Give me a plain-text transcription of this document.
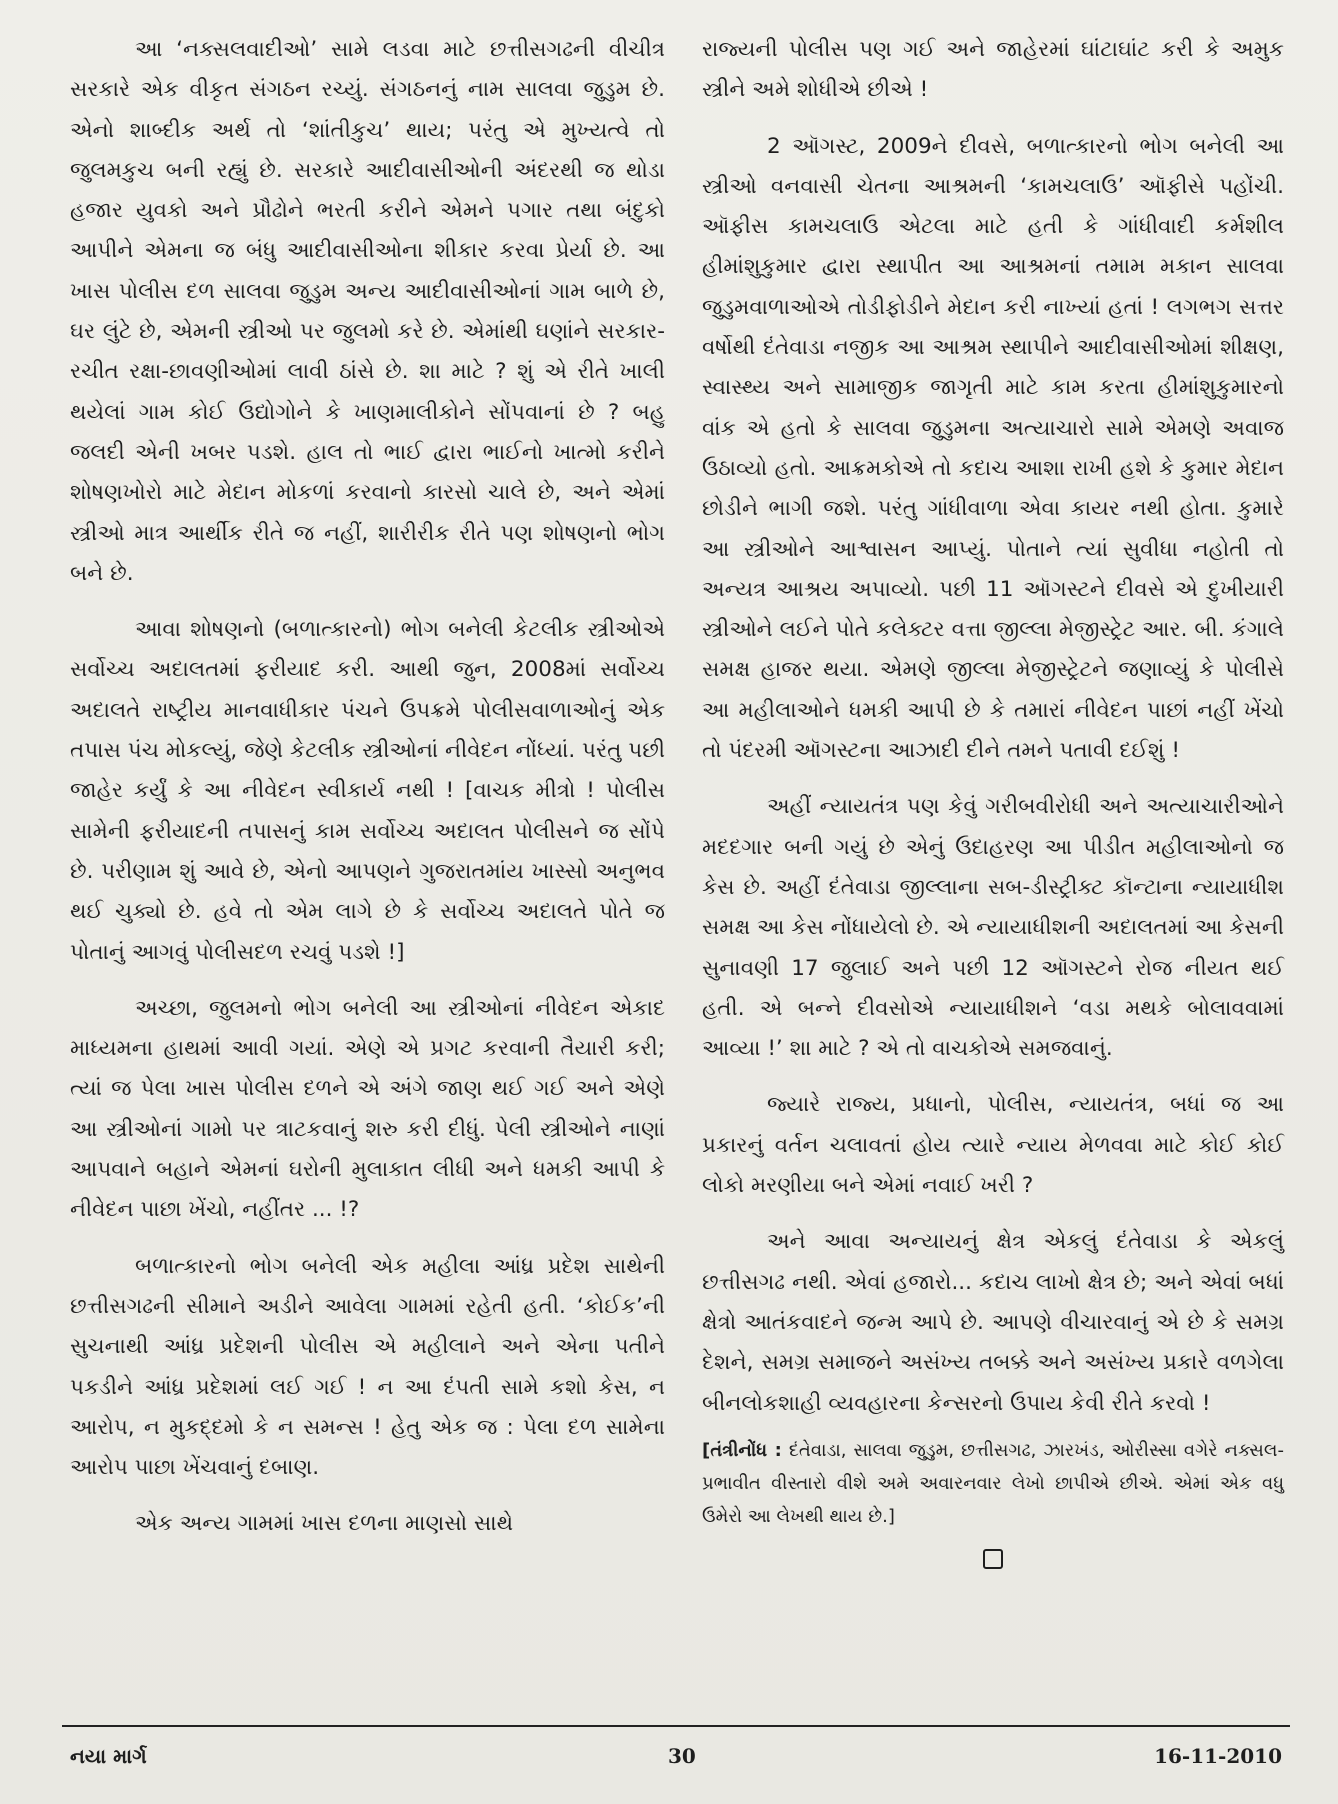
આ ‘નક્સલવાદીઓ’ સામે લડવા માટે છત્તીસગઢની વીચીત્ર સરકારે એક વીકૃત સંગઠન રચ્યું. સંગઠનનું નામ સાલવા જુડુમ છે. એનો શાબ્દીક અર્થ તો ‘શાંતીકુચ’ થાય; પરંતુ એ મુખ્યત્વે તો જુલમકુચ બની રહ્યું છે. સરકારે આદીવાસીઓની અંદરથી જ થોડા હજાર યુવકો અને પ્રૌઢોને ભરતી કરીને એમને પગાર તથા બંદુકો આપીને એમના જ બંધુ આદીવાસીઓના શીકાર કરવા પ્રેર્યા છે. આ ખાસ પોલીસ દળ સાલવા જુડુમ અન્ય આદીવાસીઓનાં ગામ બાળે છે, ઘર લુંટે છે, એમની સ્ત્રીઓ પર જુલમો કરે છે. એમાંથી ઘણાંને સરકાર-રચીત રક્ષા-છાવણીઓમાં લાવી ઠાંસે છે. શા માટે ? શું એ રીતે ખાલી થયેલાં ગામ કોઈ ઉદ્યોગોને કે ખાણમાલીકોને સોંપવાનાં છે ? બહુ જલદી એની ખબર પડશે. હાલ તો ભાઈ દ્વારા ભાઈનો ખાત્મો કરીને શોષણખોરો માટે મેદાન મોકળાં કરવાનો કારસો ચાલે છે, અને એમાં સ્ત્રીઓ માત્ર આર્થીક રીતે જ નહીં, શારીરીક રીતે પણ શોષણનો ભોગ બને છે.

આવા શોષણનો (બળાત્કારનો) ભોગ બનેલી કેટલીક સ્ત્રીઓએ સર્વોચ્ચ અદાલતમાં ફરીયાદ કરી. આથી જુન, 2008માં સર્વોચ્ચ અદાલતે રાષ્ટ્રીય માનવાધીકાર પંચને ઉપક્રમે પોલીસવાળાઓનું એક તપાસ પંચ મોકલ્યું, જેણે કેટલીક સ્ત્રીઓનાં નીવેદન નોંધ્યાં. પરંતુ પછી જાહેર કર્યું કે આ નીવેદન સ્વીકાર્ય નથી ! [વાચક મીત્રો ! પોલીસ સામેની ફરીયાદની તપાસનું કામ સર્વોચ્ચ અદાલત પોલીસને જ સોંપે છે. પરીણામ શું આવે છે, એનો આપણને ગુજરાતમાંય ખાસ્સો અનુભવ થઈ ચુક્યો છે. હવે તો એમ લાગે છે કે સર્વોચ્ચ અદાલતે પોતે જ પોતાનું આગવું પોલીસદળ રચવું પડશે !]

અચ્છા, જુલમનો ભોગ બનેલી આ સ્ત્રીઓનાં નીવેદન એકાદ માધ્યમના હાથમાં આવી ગયાં. એણે એ પ્રગટ કરવાની તૈયારી કરી; ત્યાં જ પેલા ખાસ પોલીસ દળને એ અંગે જાણ થઈ ગઈ અને એણે આ સ્ત્રીઓનાં ગામો પર ત્રાટકવાનું શરુ કરી દીધું. પેલી સ્ત્રીઓને નાણાં આપવાને બહાને એમનાં ઘરોની મુલાકાત લીધી અને ધમકી આપી કે નીવેદન પાછા ખેંચો, નહીંતર ... !?

બળાત્કારનો ભોગ બનેલી એક મહીલા આંધ્ર પ્રદેશ સાથેની છત્તીસગઢની સીમાને અડીને આવેલા ગામમાં રહેતી હતી. ‘કોઈક’ની સુચનાથી આંધ્ર પ્રદેશની પોલીસ એ મહીલાને અને એના પતીને પકડીને આંધ્ર પ્રદેશમાં લઈ ગઈ ! ન આ દંપતી સામે કશો કેસ, ન આરોપ, ન મુકદ્દમો કે ન સમન્સ ! હેતુ એક જ : પેલા દળ સામેના આરોપ પાછા ખેંચવાનું દબાણ.

એક અન્ય ગામમાં ખાસ દળના માણસો સાથે

રાજ્યની પોલીસ પણ ગઈ અને જાહેરમાં ઘાંટાઘાંટ કરી કે અમુક સ્ત્રીને અમે શોધીએ છીએ !

2 ઑગસ્ટ, 2009ને દીવસે, બળાત્કારનો ભોગ બનેલી આ સ્ત્રીઓ વનવાસી ચેતના આશ્રમની ‘કામચલાઉ’ ઑફીસે પહોંચી. ઑફીસ કામચલાઉ એટલા માટે હતી કે ગાંધીવાદી કર્મશીલ હીમાંશુકુમાર દ્વારા સ્થાપીત આ આશ્રમનાં તમામ મકાન સાલવા જુડુમવાળાઓએ તોડીફોડીને મેદાન કરી નાખ્યાં હતાં ! લગભગ સત્તર વર્ષોથી દંતેવાડા નજીક આ આશ્રમ સ્થાપીને આદીવાસીઓમાં શીક્ષણ, સ્વાસ્થ્ય અને સામાજીક જાગૃતી માટે કામ કરતા હીમાંશુકુમારનો વાંક એ હતો કે સાલવા જુડુમના અત્યાચારો સામે એમણે અવાજ ઉઠાવ્યો હતો. આક્રમકોએ તો કદાચ આશા રાખી હશે કે કુમાર મેદાન છોડીને ભાગી જશે. પરંતુ ગાંધીવાળા એવા કાયર નથી હોતા. કુમારે આ સ્ત્રીઓને આશ્વાસન આપ્યું. પોતાને ત્યાં સુવીધા નહોતી તો અન્યત્ર આશ્રય અપાવ્યો. પછી 11 ઑગસ્ટને દીવસે એ દુખીયારી સ્ત્રીઓને લઈને પોતે કલેક્ટર વત્તા જીલ્લા મેજીસ્ટ્રેટ આર. બી. કંગાલે સમક્ષ હાજર થયા. એમણે જીલ્લા મેજીસ્ટ્રેટને જણાવ્યું કે પોલીસે આ મહીલાઓને ધમકી આપી છે કે તમારાં નીવેદન પાછાં નહીં ખેંચો તો પંદરમી ઑગસ્ટના આઝાદી દીને તમને પતાવી દઈશું !

અહીં ન્યાયતંત્ર પણ કેવું ગરીબવીરોધી અને અત્યાચારીઓને મદદગાર બની ગયું છે એનું ઉદાહરણ આ પીડીત મહીલાઓનો જ કેસ છે. અહીં દંતેવાડા જીલ્લાના સબ-ડીસ્ટ્રીક્ટ કૉન્ટાના ન્યાયાધીશ સમક્ષ આ કેસ નોંધાયેલો છે. એ ન્યાયાધીશની અદાલતમાં આ કેસની સુનાવણી 17 જુલાઈ અને પછી 12 ઑગસ્ટને રોજ નીયત થઈ હતી. એ બન્ને દીવસોએ ન્યાયાધીશને ‘વડા મથકે બોલાવવામાં આવ્યા !’ શા માટે ? એ તો વાચકોએ સમજવાનું.

જ્યારે રાજ્ય, પ્રધાનો, પોલીસ, ન્યાયતંત્ર, બધાં જ આ પ્રકારનું વર્તન ચલાવતાં હોય ત્યારે ન્યાય મેળવવા માટે કોઈ કોઈ લોકો મરણીયા બને એમાં નવાઈ ખરી ?

અને આવા અન્યાયનું ક્ષેત્ર એકલું દંતેવાડા કે એકલું છત્તીસગઢ નથી. એવાં હજારો... કદાચ લાખો ક્ષેત્ર છે; અને એવાં બધાં ક્ષેત્રો આતંકવાદને જન્મ આપે છે. આપણે વીચારવાનું એ છે કે સમગ્ર દેશને, સમગ્ર સમાજને અસંખ્ય તબક્કે અને અસંખ્ય પ્રકારે વળગેલા બીનલોકશાહી વ્યવહારના કેન્સરનો ઉપાય કેવી રીતે કરવો !

[તંત્રીનોંધ : દંતેવાડા, સાલવા જુડુમ, છત્તીસગઢ, ઝારખંડ, ઓરીસ્સા વગેરે નક્સલ- પ્રભાવીત વીસ્તારો વીશે અમે અવારનવાર લેખો છાપીએ છીએ. એમાં એક વધુ ઉમેરો આ લેખથી થાય છે.]

નયા માર્ગ	30	16-11-2010
